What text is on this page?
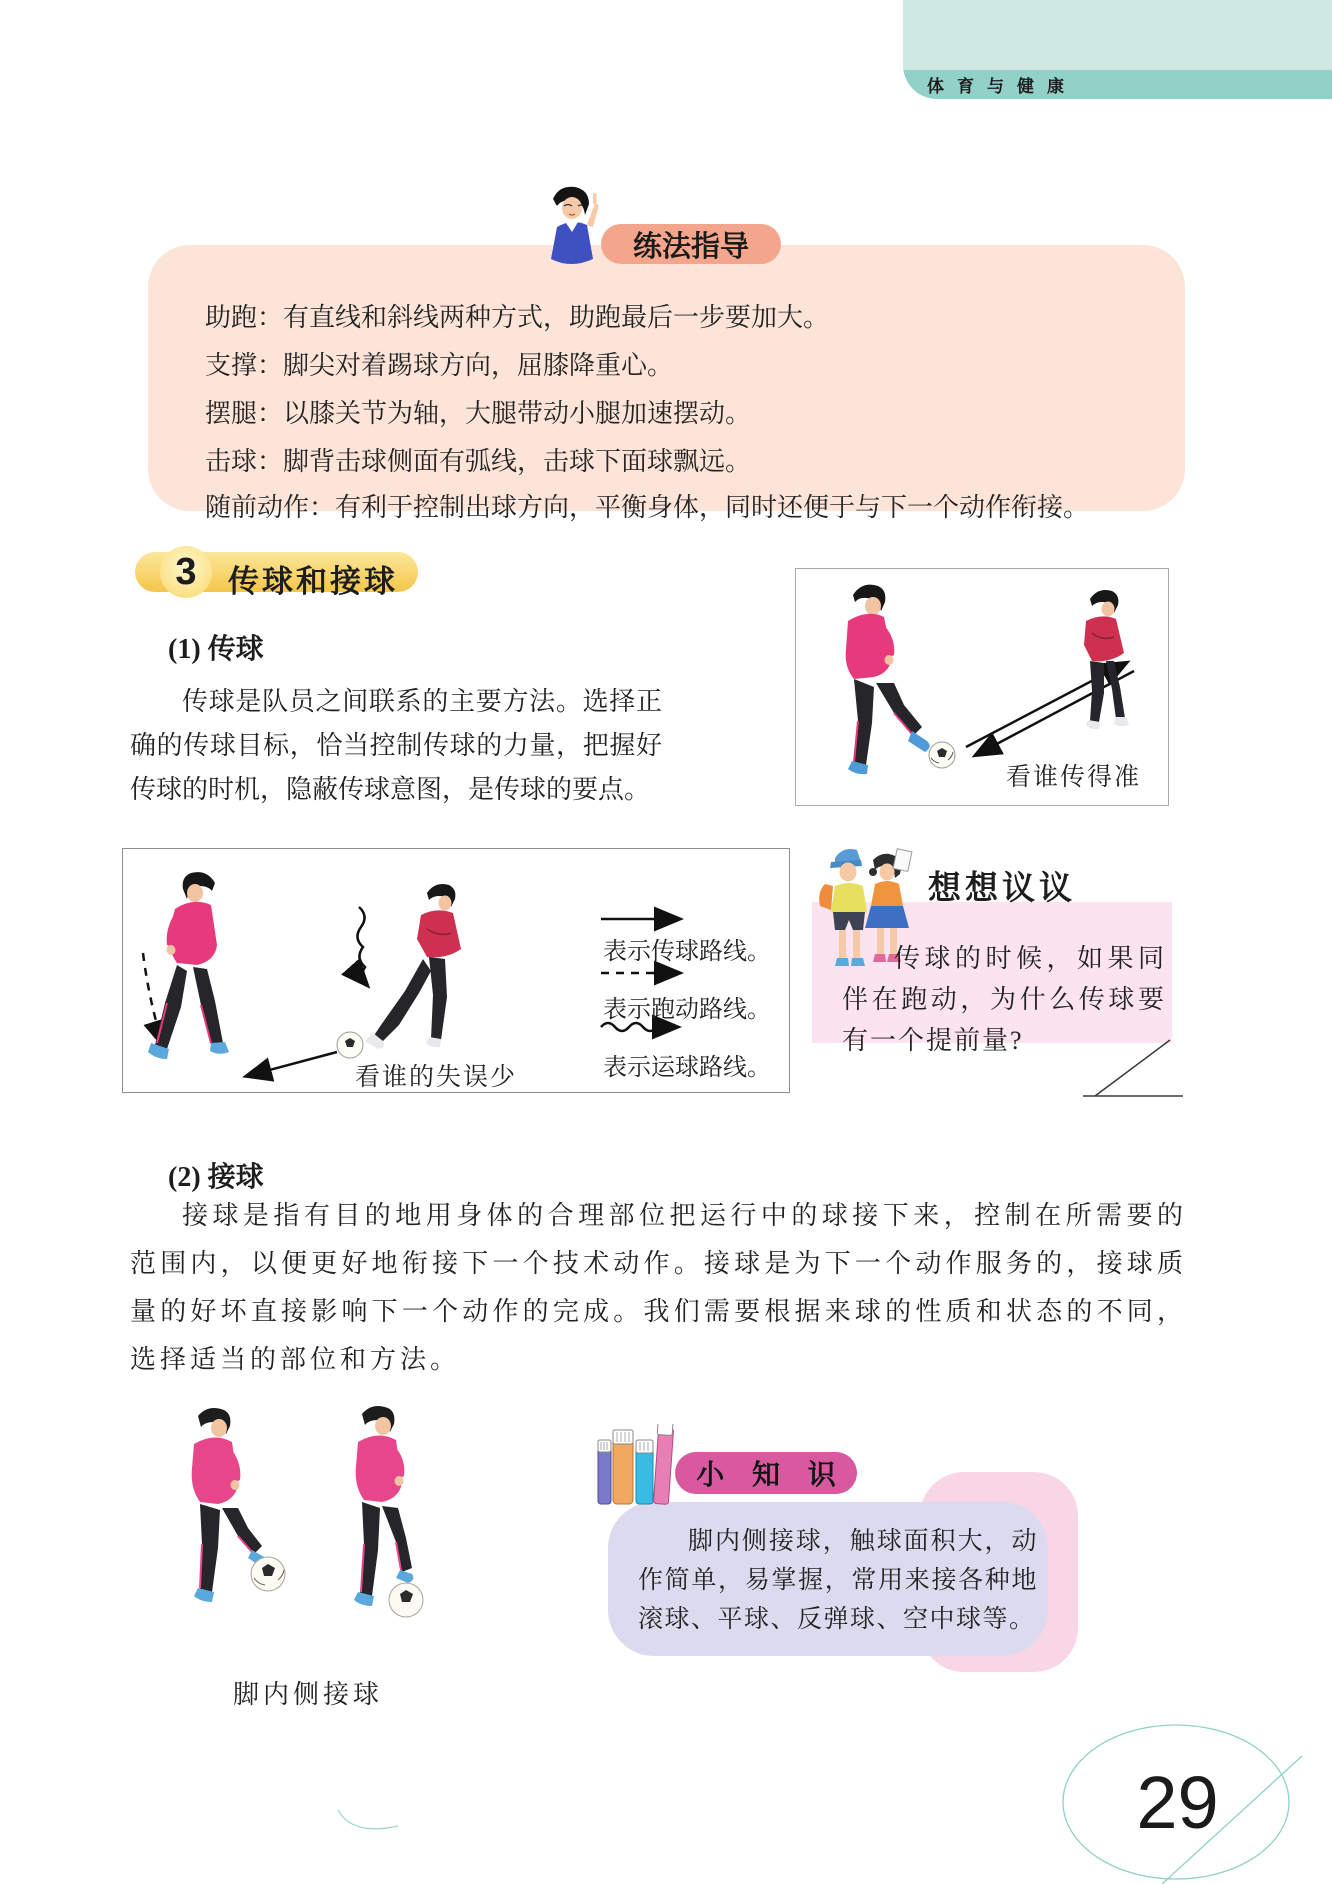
体育与健康
练法指导
助跑：有直线和斜线两种方式，助跑最后一步要加大。
支撑：脚尖对着踢球方向，屈膝降重心。
摆腿：以膝关节为轴，大腿带动小腿加速摆动。
击球：脚背击球侧面有弧线，击球下面球飘远。
随前动作：有利于控制出球方向，平衡身体，同时还便于与下一个动作衔接。
3	传球和接球
(1) 传球
传球是队员之间联系的主要方法。选择正确的传球目标，恰当控制传球的力量，把握好传球的时机，隐蔽传球意图，是传球的要点。	看谁传得准
表示传球路线。
表示跑动路线。
表示运球路线。
看谁的失误少
想想议议
传球的时候，如果同伴在跑动，为什么传球要有一个提前量?
(2) 接球
接球是指有目的地用身体的合理部位把运行中的球接下来，控制在所需要的范围内，以便更好地衔接下一个技术动作。接球是为下一个动作服务的，接球质量的好坏直接影响下一个动作的完成。我们需要根据来球的性质和状态的不同，选择适当的部位和方法。
脚内侧接球
小 知 识
脚内侧接球，触球面积大，动作简单，易掌握，常用来接各种地滚球、平球、反弹球、空中球等。
29
